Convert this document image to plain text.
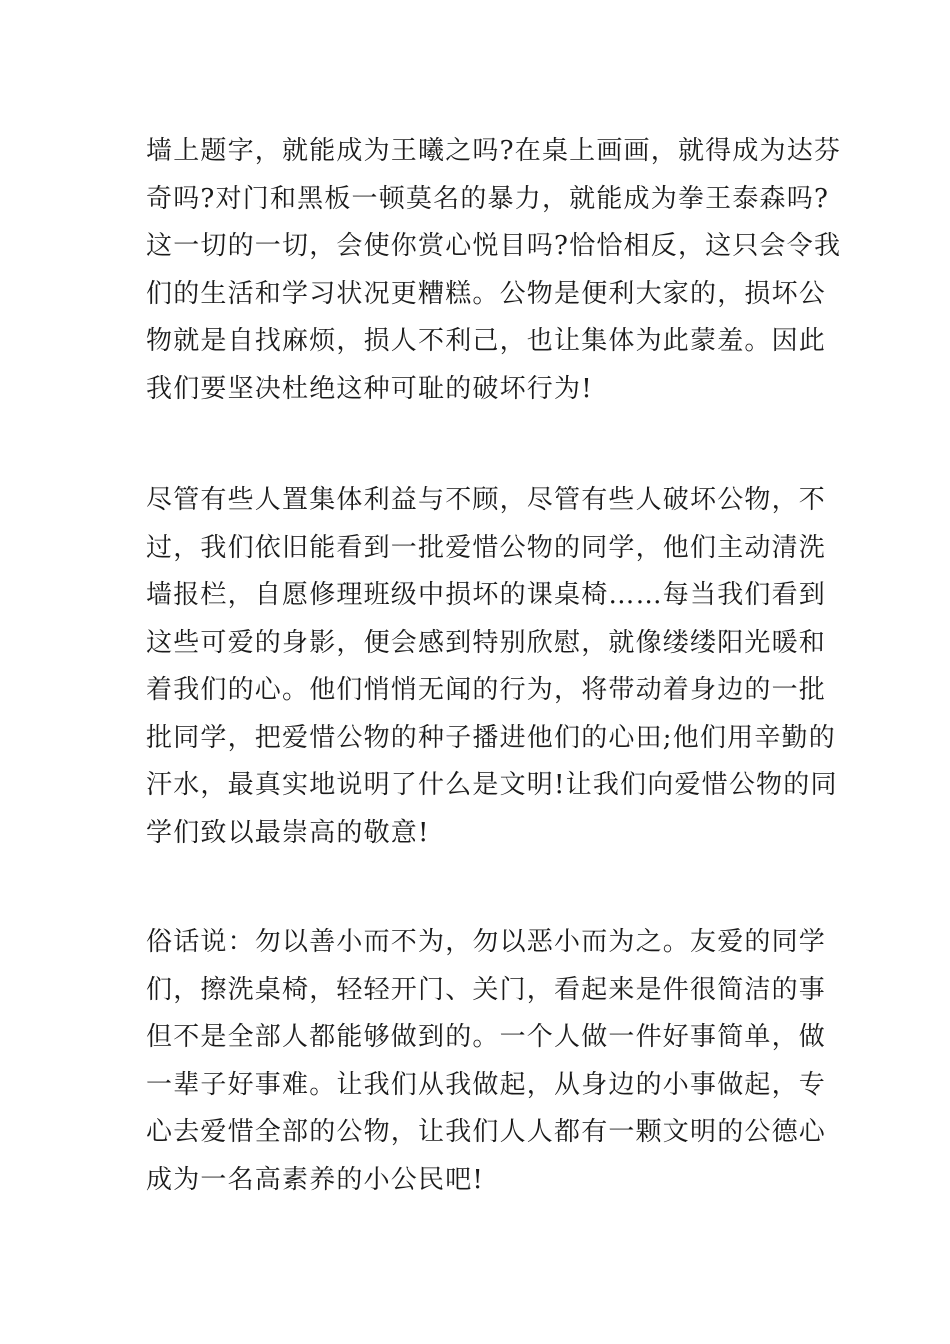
墙上题字，就能成为王曦之吗?在桌上画画，就得成为达芬
奇吗?对门和黑板一顿莫名的暴力，就能成为拳王泰森吗?
这一切的一切，会使你赏心悦目吗?恰恰相反，这只会令我
们的生活和学习状况更糟糕。公物是便利大家的，损坏公
物就是自找麻烦，损人不利己，也让集体为此蒙羞。因此
我们要坚决杜绝这种可耻的破坏行为!

尽管有些人置集体利益与不顾，尽管有些人破坏公物，不
过，我们依旧能看到一批爱惜公物的同学，他们主动清洗
墙报栏，自愿修理班级中损坏的课桌椅……每当我们看到
这些可爱的身影，便会感到特别欣慰，就像缕缕阳光暖和
着我们的心。他们悄悄无闻的行为，将带动着身边的一批
批同学，把爱惜公物的种子播进他们的心田;他们用辛勤的
汗水，最真实地说明了什么是文明!让我们向爱惜公物的同
学们致以最崇高的敬意!

俗话说：勿以善小而不为，勿以恶小而为之。友爱的同学
们，擦洗桌椅，轻轻开门、关门，看起来是件很简洁的事
但不是全部人都能够做到的。一个人做一件好事简单，做
一辈子好事难。让我们从我做起，从身边的小事做起，专
心去爱惜全部的公物，让我们人人都有一颗文明的公德心
成为一名高素养的小公民吧!
